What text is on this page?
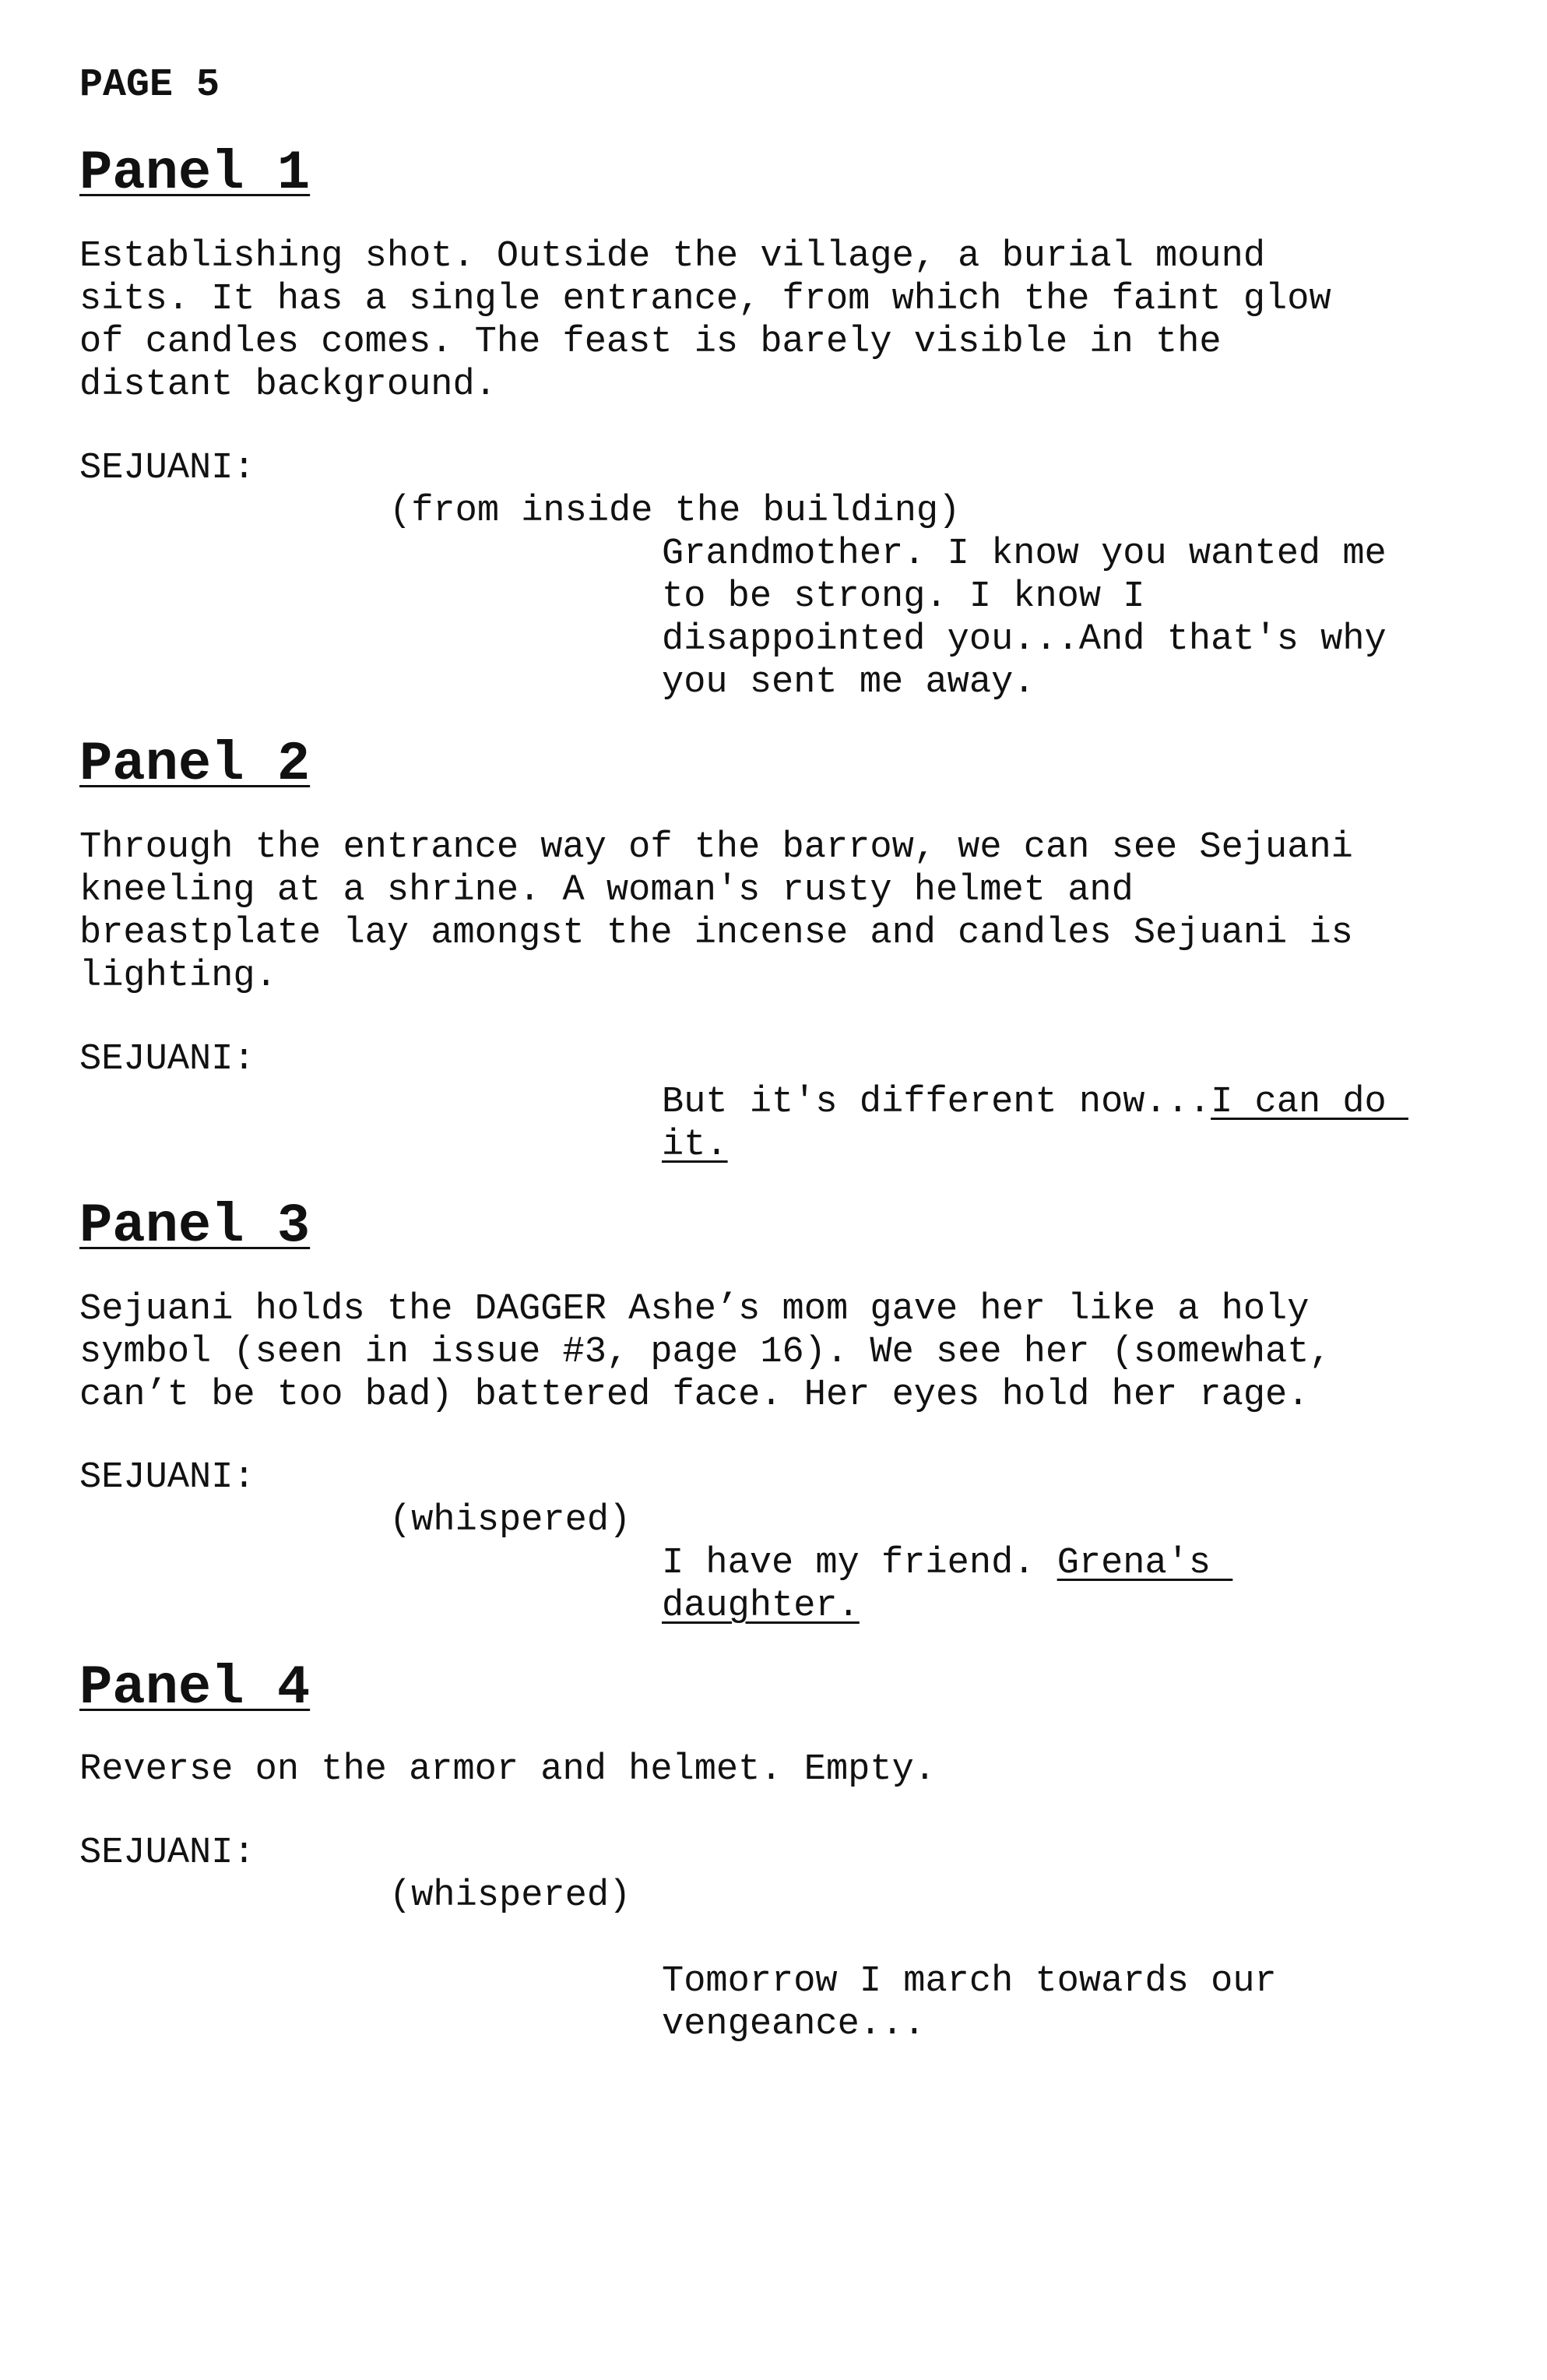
PAGE 5
Panel 1
Establishing shot. Outside the village, a burial mound
sits. It has a single entrance, from which the faint glow
of candles comes. The feast is barely visible in the
distant background.
SEJUANI:
(from inside the building)
Grandmother. I know you wanted me
to be strong. I know I
disappointed you...And that's why
you sent me away.
Panel 2
Through the entrance way of the barrow, we can see Sejuani
kneeling at a shrine. A woman's rusty helmet and
breastplate lay amongst the incense and candles Sejuani is
lighting.
SEJUANI:
But it's different now...I can do
it.
Panel 3
Sejuani holds the DAGGER Ashe’s mom gave her like a holy
symbol (seen in issue #3, page 16). We see her (somewhat,
can’t be too bad) battered face. Her eyes hold her rage.
SEJUANI:
(whispered)
I have my friend. Grena's
daughter.
Panel 4
Reverse on the armor and helmet. Empty.
SEJUANI:
(whispered)
Tomorrow I march towards our
vengeance...
